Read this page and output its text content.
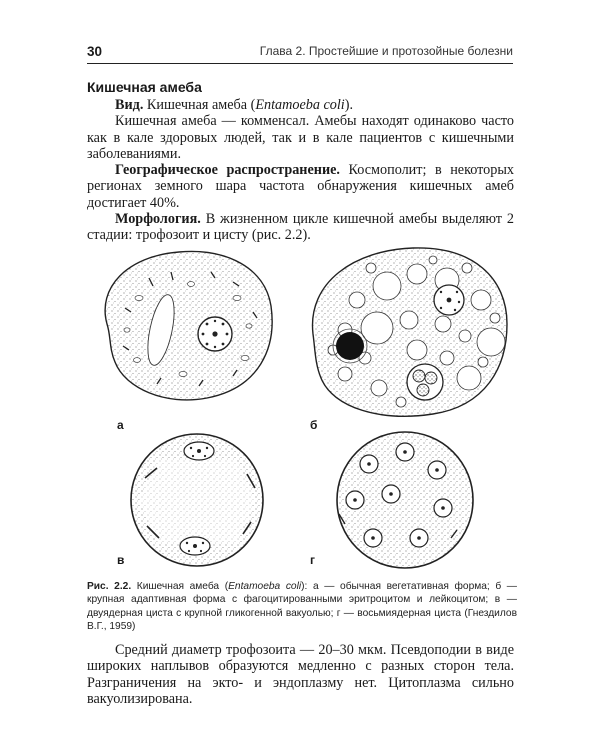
30	Глава 2. Простейшие и протозойные болезни
Кишечная амеба

Вид. Кишечная амеба (Entamoeba coli).

Кишечная амеба — комменсал. Амебы находят одинаково часто как в кале здоровых людей, так и в кале пациентов с кишечными заболеваниями.

Географическое распространение. Космополит; в некоторых регионах земного шара частота обнаружения кишечных амеб достигает 40%.

Морфология. В жизненном цикле кишечной амебы выделяют 2 стадии: трофозоит и цисту (рис. 2.2).

а	б
в	г
Рис. 2.2. Кишечная амеба (Entamoeba coli): а — обычная вегетативная форма; б — крупная адаптивная форма с фагоцитированными эритроцитом и лейкоцитом; в — двуядерная циста с крупной гликогенной вакуолью; г — восьмиядерная циста (Гнездилов В.Г., 1959)

Средний диаметр трофозоита — 20–30 мкм. Псевдоподии в виде широких наплывов образуются медленно с разных сторон тела. Разграничения на экто- и эндоплазму нет. Цитоплазма сильно вакуолизирована.
